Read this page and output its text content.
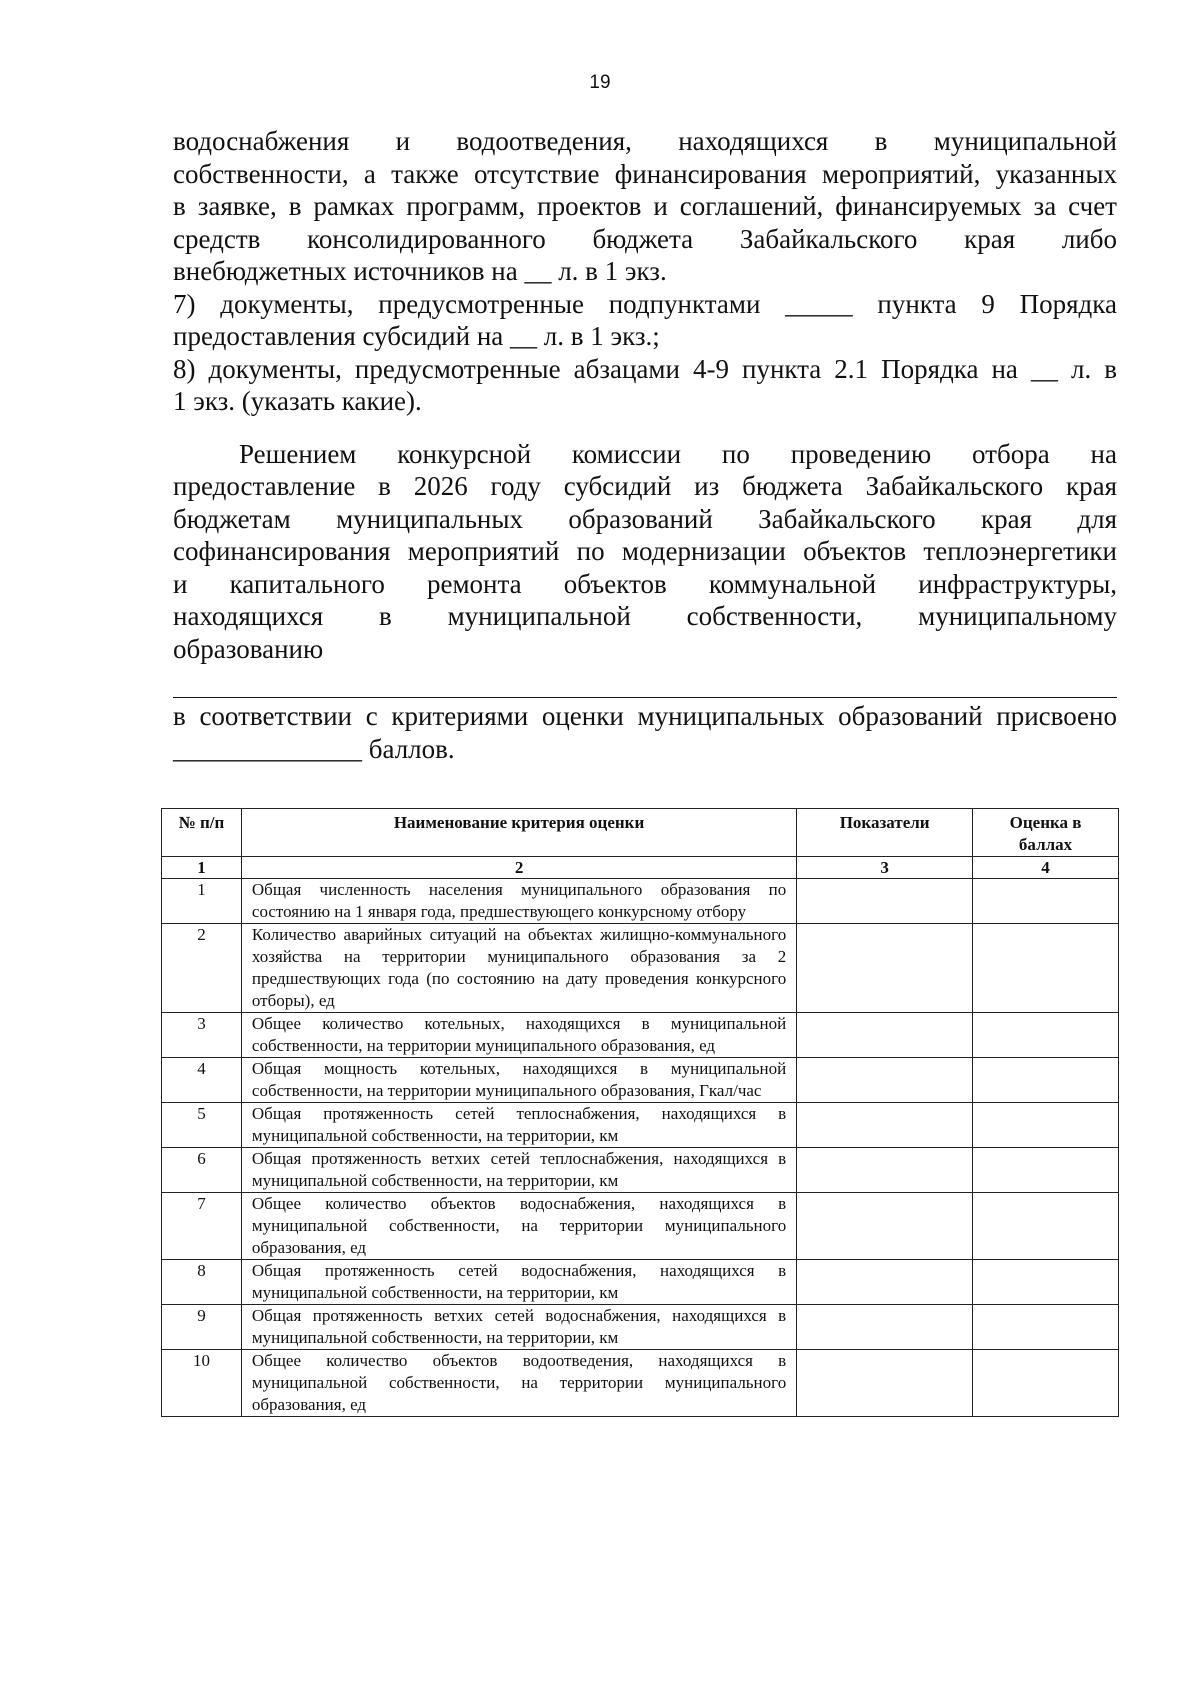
19
водоснабжения и водоотведения, находящихся в муниципальной
собственности, а также отсутствие финансирования мероприятий, указанных
в заявке, в рамках программ, проектов и соглашений, финансируемых за счет
средств консолидированного бюджета Забайкальского края либо
внебюджетных источников на __ л. в 1 экз.
7) документы, предусмотренные подпунктами _____ пункта 9 Порядка
предоставления субсидий на __ л. в 1 экз.;
8) документы, предусмотренные абзацами 4-9 пункта 2.1 Порядка на __ л. в
1 экз. (указать какие).
Решением конкурсной комиссии по проведению отбора на
предоставление в 2026 году субсидий из бюджета Забайкальского края
бюджетам муниципальных образований Забайкальского края для
софинансирования мероприятий по модернизации объектов теплоэнергетики
и капитального ремонта объектов коммунальной инфраструктуры,
находящихся в муниципальной собственности, муниципальному
образованию
в соответствии с критериями оценки муниципальных образований присвоено
______________ баллов.
№ п/п	Наименование критерия оценки	Показатели	Оценка в баллах
1	2	3	4
1	Общая численность населения муниципального образования по состоянию на 1 января года, предшествующего конкурсному отбору		
2	Количество аварийных ситуаций на объектах жилищно-коммунального хозяйства на территории муниципального образования за 2 предшествующих года (по состоянию на дату проведения конкурсного отборы), ед		
3	Общее количество котельных, находящихся в муниципальной собственности, на территории муниципального образования, ед		
4	Общая мощность котельных, находящихся в муниципальной собственности, на территории муниципального образования, Гкал/час		
5	Общая протяженность сетей теплоснабжения, находящихся в муниципальной собственности, на территории, км		
6	Общая протяженность ветхих сетей теплоснабжения, находящихся в муниципальной собственности, на территории, км		
7	Общее количество объектов водоснабжения, находящихся в муниципальной собственности, на территории муниципального образования, ед		
8	Общая протяженность сетей водоснабжения, находящихся в муниципальной собственности, на территории, км		
9	Общая протяженность ветхих сетей водоснабжения, находящихся в муниципальной собственности, на территории, км		
10	Общее количество объектов водоотведения, находящихся в муниципальной собственности, на территории муниципального образования, ед		
